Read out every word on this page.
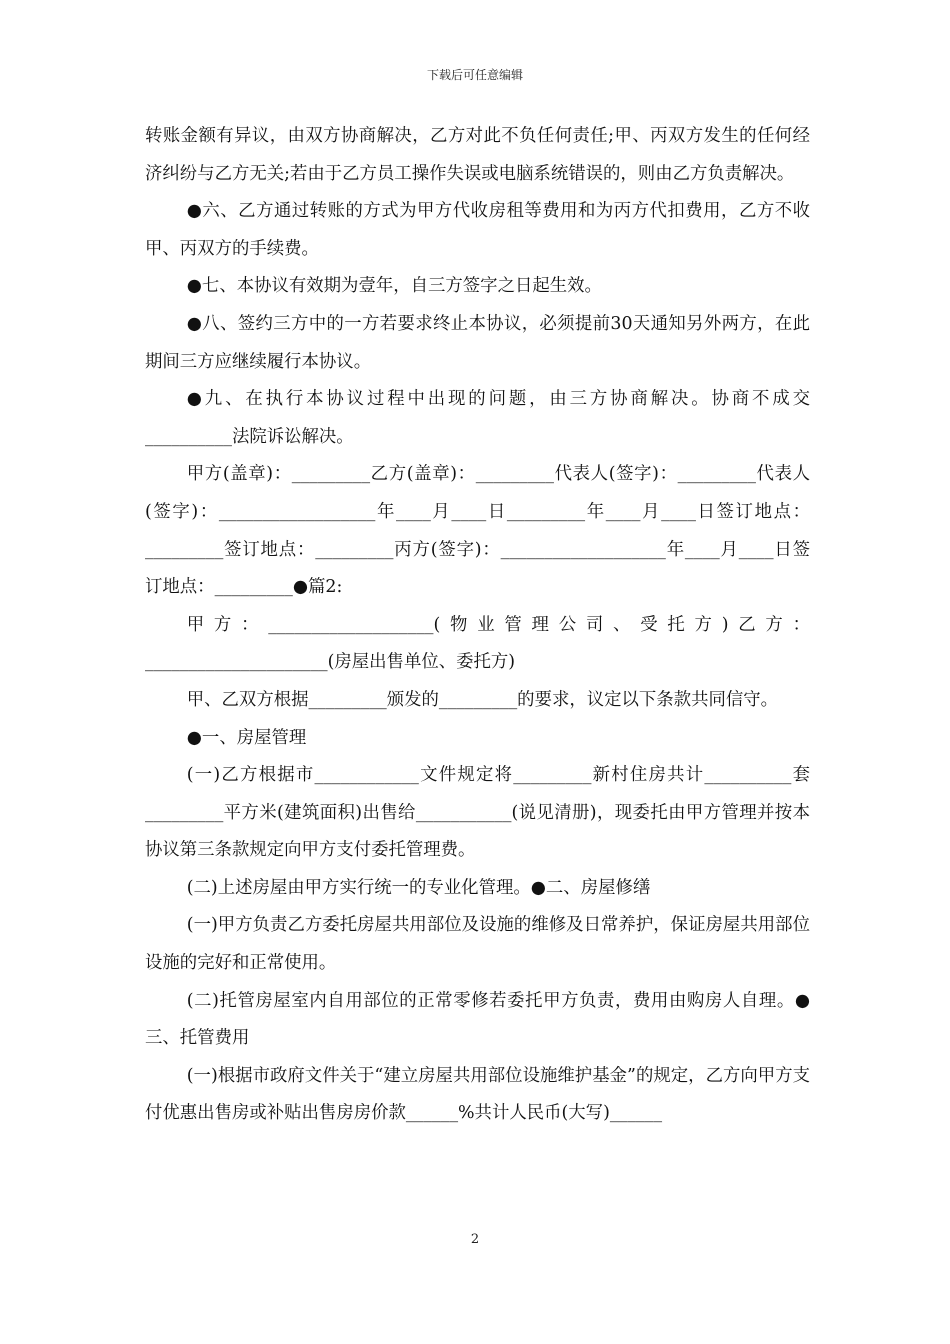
下载后可任意编辑

转账金额有异议，由双方协商解决，乙方对此不负任何责任;甲、丙双方发生的任何经济纠纷与乙方无关;若由于乙方员工操作失误或电脑系统错误的，则由乙方负责解决。

●六、乙方通过转账的方式为甲方代收房租等费用和为丙方代扣费用，乙方不收甲、丙双方的手续费。

●七、本协议有效期为壹年，自三方签字之日起生效。

●八、签约三方中的一方若要求终止本协议，必须提前30天通知另外两方，在此期间三方应继续履行本协议。

●九、在执行本协议过程中出现的问题，由三方协商解决。协商不成交__________法院诉讼解决。

甲方(盖章)：_________乙方(盖章)：_________代表人(签字)：_________代表人(签字)：__________________年____月____日_________年____月____日签订地点：_________签订地点：_________丙方(签字)：___________________年____月____日签订地点：_________●篇2:

甲方：___________________(物业管理公司、受托方)乙方：_____________________(房屋出售单位、委托方)

甲、乙双方根据_________颁发的_________的要求，议定以下条款共同信守。

●一、房屋管理

(一)乙方根据市____________文件规定将_________新村住房共计__________套_________平方米(建筑面积)出售给___________(说见清册)，现委托由甲方管理并按本协议第三条款规定向甲方支付委托管理费。

(二)上述房屋由甲方实行统一的专业化管理。●二、房屋修缮

(一)甲方负责乙方委托房屋共用部位及设施的维修及日常养护，保证房屋共用部位设施的完好和正常使用。

(二)托管房屋室内自用部位的正常零修若委托甲方负责，费用由购房人自理。●三、托管费用

(一)根据市政府文件关于“建立房屋共用部位设施维护基金”的规定，乙方向甲方支付优惠出售房或补贴出售房房价款______%共计人民币(大写)______

2
